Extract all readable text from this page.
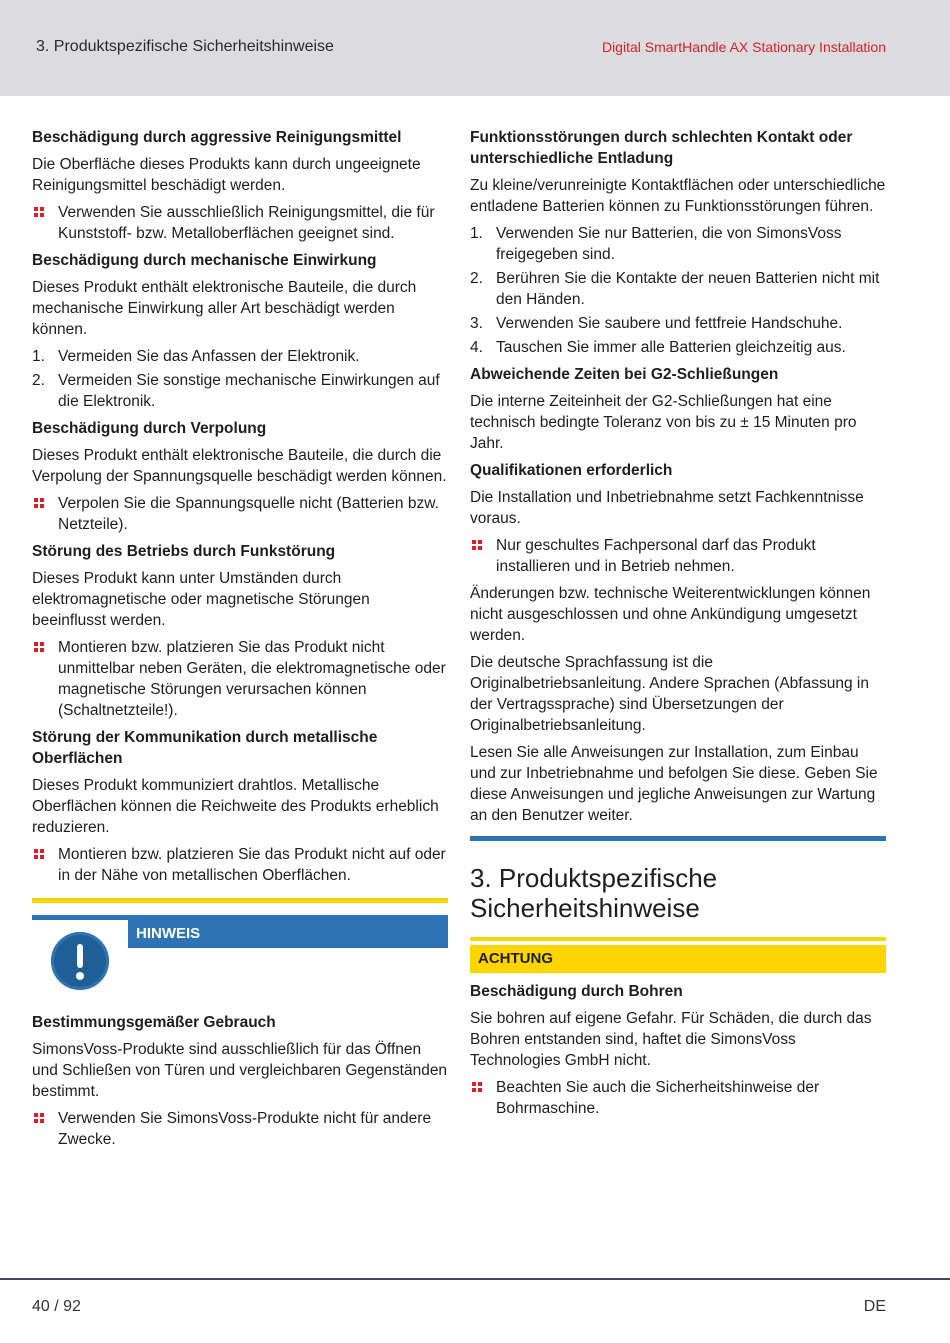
3. Produktspezifische Sicherheitshinweise	Digital SmartHandle AX Stationary Installation
Beschädigung durch aggressive Reinigungsmittel

Die Oberfläche dieses Produkts kann durch ungeeignete Reinigungsmittel beschädigt werden.

Verwenden Sie ausschließlich Reinigungsmittel, die für Kunststoff- bzw. Metalloberflächen geeignet sind.
Beschädigung durch mechanische Einwirkung

Dieses Produkt enthält elektronische Bauteile, die durch mechanische Einwirkung aller Art beschädigt werden können.

1. Vermeiden Sie das Anfassen der Elektronik.
2. Vermeiden Sie sonstige mechanische Einwirkungen auf die Elektronik.
Beschädigung durch Verpolung

Dieses Produkt enthält elektronische Bauteile, die durch die Verpolung der Spannungsquelle beschädigt werden können.

Verpolen Sie die Spannungsquelle nicht (Batterien bzw. Netzteile).
Störung des Betriebs durch Funkstörung

Dieses Produkt kann unter Umständen durch elektromagnetische oder magnetische Störungen beeinflusst werden.

Montieren bzw. platzieren Sie das Produkt nicht unmittelbar neben Geräten, die elektromagnetische oder magnetische Störungen verursachen können (Schaltnetzteile!).
Störung der Kommunikation durch metallische Oberflächen

Dieses Produkt kommuniziert drahtlos. Metallische Oberflächen können die Reichweite des Produkts erheblich reduzieren.

Montieren bzw. platzieren Sie das Produkt nicht auf oder in der Nähe von metallischen Oberflächen.
HINWEIS
Bestimmungsgemäßer Gebrauch

SimonsVoss-Produkte sind ausschließlich für das Öffnen und Schließen von Türen und vergleichbaren Gegenständen bestimmt.

Verwenden Sie SimonsVoss-Produkte nicht für andere Zwecke.
Funktionsstörungen durch schlechten Kontakt oder unterschiedliche Entladung

Zu kleine/verunreinigte Kontaktflächen oder unterschiedliche entladene Batterien können zu Funktionsstörungen führen.

1. Verwenden Sie nur Batterien, die von SimonsVoss freigegeben sind.
2. Berühren Sie die Kontakte der neuen Batterien nicht mit den Händen.
3. Verwenden Sie saubere und fettfreie Handschuhe.
4. Tauschen Sie immer alle Batterien gleichzeitig aus.
Abweichende Zeiten bei G2-Schließungen

Die interne Zeiteinheit der G2-Schließungen hat eine technisch bedingte Toleranz von bis zu ± 15 Minuten pro Jahr.

Qualifikationen erforderlich

Die Installation und Inbetriebnahme setzt Fachkenntnisse voraus.

Nur geschultes Fachpersonal darf das Produkt installieren und in Betrieb nehmen.

Änderungen bzw. technische Weiterentwicklungen können nicht ausgeschlossen und ohne Ankündigung umgesetzt werden.

Die deutsche Sprachfassung ist die Originalbetriebsanleitung. Andere Sprachen (Abfassung in der Vertragssprache) sind Übersetzungen der Originalbetriebsanleitung.

Lesen Sie alle Anweisungen zur Installation, zum Einbau und zur Inbetriebnahme und befolgen Sie diese. Geben Sie diese Anweisungen und jegliche Anweisungen zur Wartung an den Benutzer weiter.

3. Produktspezifische Sicherheitshinweise
ACHTUNG
Beschädigung durch Bohren

Sie bohren auf eigene Gefahr. Für Schäden, die durch das Bohren entstanden sind, haftet die SimonsVoss Technologies GmbH nicht.

Beachten Sie auch die Sicherheitshinweise der Bohrmaschine.
40 / 92	DE
